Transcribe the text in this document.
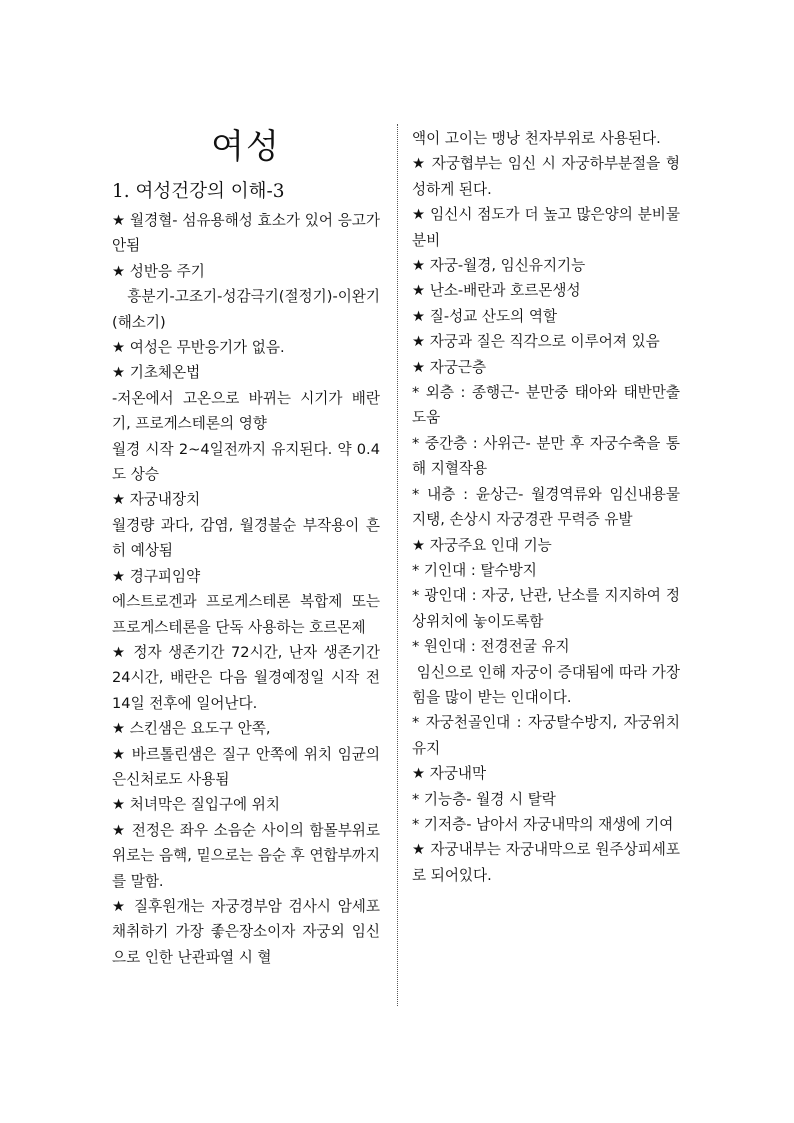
여성
1. 여성건강의 이해-3
★ 월경혈- 섬유용해성 효소가 있어 응고가 안됨
★ 성반응 주기
흥분기-고조기-성감극기(절정기)-이완기(해소기)
★ 여성은 무반응기가 없음.
★ 기초체온법
-저온에서 고온으로 바뀌는 시기가 배란기, 프로게스테론의 영향
월경 시작 2~4일전까지 유지된다. 약 0.4도 상승
★ 자궁내장치
월경량 과다, 감염, 월경불순 부작용이 흔히 예상됨
★ 경구피임약
에스트로겐과 프로게스테론 복합제 또는 프로게스테론을 단독 사용하는 호르몬제
★ 정자 생존기간 72시간, 난자 생존기간 24시간, 배란은 다음 월경예정일 시작 전 14일 전후에 일어난다.
★ 스킨샘은 요도구 안쪽,
★ 바르톨린샘은 질구 안쪽에 위치 임균의 은신처로도 사용됨
★ 처녀막은 질입구에 위치
★ 전정은 좌우 소음순 사이의 함몰부위로 위로는 음핵, 밑으로는 음순 후 연합부까지를 말함.
★ 질후원개는 자궁경부암 검사시 암세포 채취하기 가장 좋은장소이자 자궁외 임신으로 인한 난관파열 시 혈
액이 고이는 맹낭 천자부위로 사용된다.
★ 자궁협부는 임신 시 자궁하부분절을 형성하게 된다.
★ 임신시 점도가 더 높고 많은양의 분비물 분비
★ 자궁-월경, 임신유지기능
★ 난소-배란과 호르몬생성
★ 질-성교 산도의 역할
★ 자궁과 질은 직각으로 이루어져 있음
★ 자궁근층
* 외층 : 종행근- 분만중 태아와 태반만출도움
* 중간층 : 사위근- 분만 후 자궁수축을 통해 지혈작용
* 내층 : 윤상근- 월경역류와 임신내용물 지탱, 손상시 자궁경관 무력증 유발
★ 자궁주요 인대 기능
* 기인대 : 탈수방지
* 광인대 : 자궁, 난관, 난소를 지지하여 정상위치에 놓이도록함
* 원인대 : 전경전굴 유지
임신으로 인해 자궁이 증대됨에 따라 가장 힘을 많이 받는 인대이다.
* 자궁천골인대 : 자궁탈수방지, 자궁위치유지
★ 자궁내막
* 기능층- 월경 시 탈락
* 기저층- 남아서 자궁내막의 재생에 기여
★ 자궁내부는 자궁내막으로 원주상피세포로 되어있다.
